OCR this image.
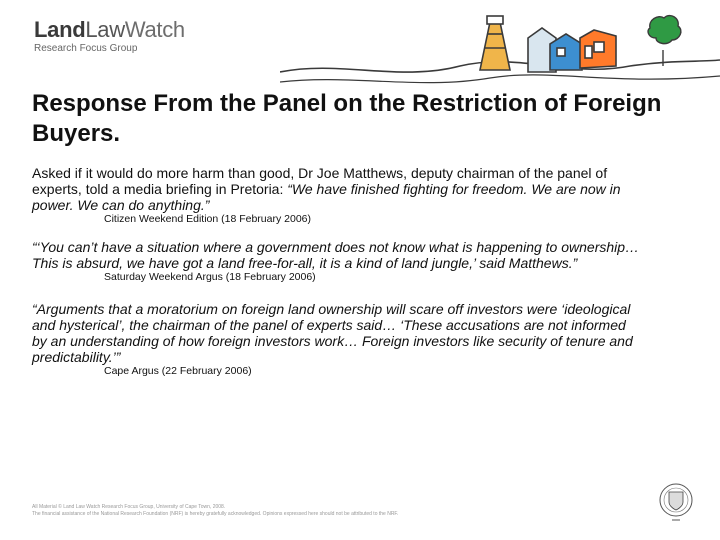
LandLawWatch
Research Focus Group
Response From the Panel on the Restriction of Foreign Buyers.

Asked if it would do more harm than good, Dr Joe Matthews, deputy chairman of the panel of experts, told a media briefing in Pretoria: “We have finished fighting for freedom. We are now in power. We can do anything.”

Citizen Weekend Edition (18 February 2006)

“‘You can’t have a situation where a government does not know what is happening to ownership… This is absurd, we have got a land free-for-all, it is a kind of land jungle,’ said Matthews.”

Saturday Weekend Argus (18 February 2006)

“Arguments that a moratorium on foreign land ownership will scare off investors were ‘ideological and hysterical’, the chairman of the panel of experts said… ‘These accusations are not informed by an understanding of how foreign investors work… Foreign investors like security of tenure and predictability.’”

Cape Argus (22 February 2006)

All Material © Land Law Watch Research Focus Group, University of Cape Town, 2008.
The financial assistance of the National Research Foundation (NRF) is hereby gratefully acknowledged. Opinions expressed here should not be attributed to the NRF.
